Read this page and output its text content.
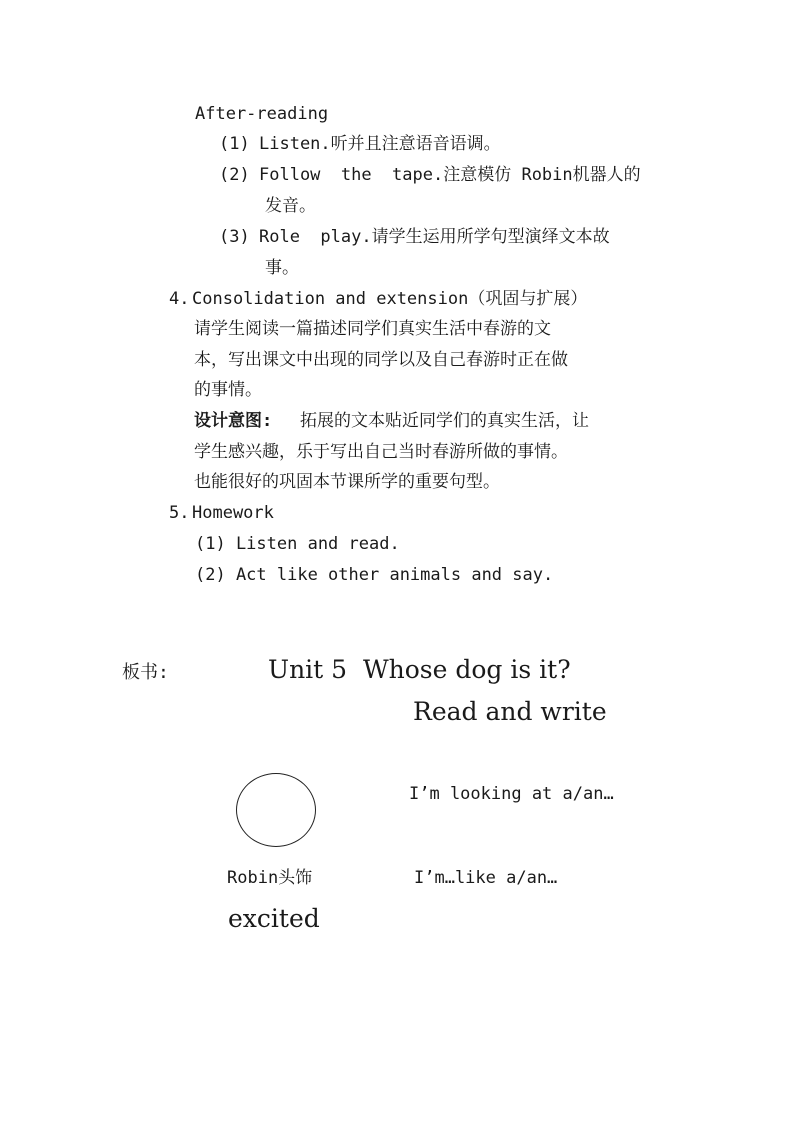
After-reading
(1) Listen.听并且注意语音语调。
(2) Follow  the  tape.注意模仿 Robin机器人的
发音。
(3) Role  play.请学生运用所学句型演绎文本故
事。
4. Consolidation and extension（巩固与扩展）
请学生阅读一篇描述同学们真实生活中春游的文
本，写出课文中出现的同学以及自己春游时正在做
的事情。
设计意图: 拓展的文本贴近同学们的真实生活，让
学生感兴趣，乐于写出自己当时春游所做的事情。
也能很好的巩固本节课所学的重要句型。
5. Homework
(1) Listen and read.
(2) Act like other animals and say.
板书:	Unit 5  Whose dog is it?
Read and write
I’m looking at a/an…
I’m…like a/an…
Robin头饰
excited
